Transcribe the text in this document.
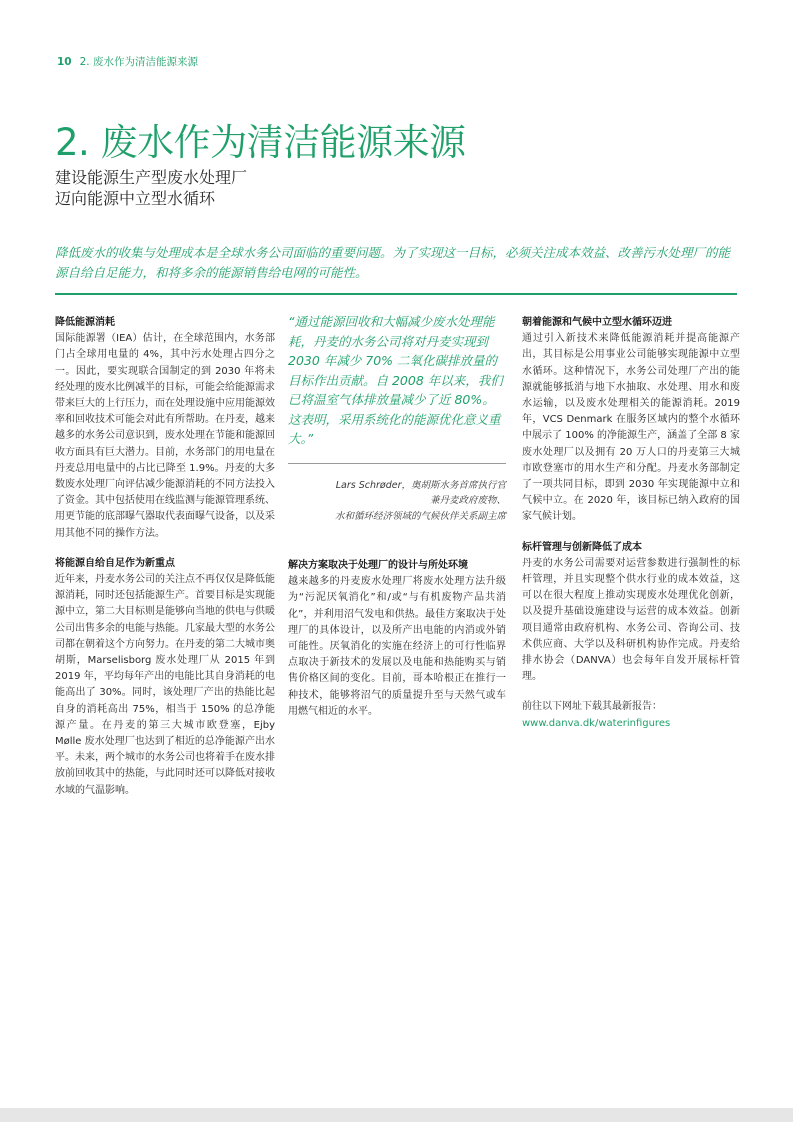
10 2. 废水作为清洁能源来源
2. 废水作为清洁能源来源
建设能源生产型废水处理厂
迈向能源中立型水循环
降低废水的收集与处理成本是全球水务公司面临的重要问题。为了实现这一目标，必须关注成本效益、改善污水处理厂的能源自给自足能力，和将多余的能源销售给电网的可能性。

降低能源消耗

国际能源署（IEA）估计，在全球范围内，水务部门占全球用电量的 4%，其中污水处理占四分之一。因此，要实现联合国制定的到 2030 年将未经处理的废水比例减半的目标，可能会给能源需求带来巨大的上行压力，而在处理设施中应用能源效率和回收技术可能会对此有所帮助。在丹麦，越来越多的水务公司意识到，废水处理在节能和能源回收方面具有巨大潜力。目前，水务部门的用电量在丹麦总用电量中的占比已降至 1.9%。丹麦的大多数废水处理厂向评估减少能源消耗的不同方法投入了资金。其中包括使用在线监测与能源管理系统、用更节能的底部曝气器取代表面曝气设备，以及采用其他不同的操作方法。

将能源自给自足作为新重点

近年来，丹麦水务公司的关注点不再仅仅是降低能源消耗，同时还包括能源生产。首要目标是实现能源中立，第二大目标则是能够向当地的供电与供暖公司出售多余的电能与热能。几家最大型的水务公司都在朝着这个方向努力。在丹麦的第二大城市奥胡斯，Marselisborg 废水处理厂从 2015 年到 2019 年，平均每年产出的电能比其自身消耗的电能高出了 30%。同时，该处理厂产出的热能比起自身的消耗高出 75%，相当于 150% 的总净能源产量。在丹麦的第三大城市欧登塞，Ejby Mølle 废水处理厂也达到了相近的总净能源产出水平。未来，两个城市的水务公司也将着手在废水排放前回收其中的热能，与此同时还可以降低对接收水域的气温影响。

“通过能源回收和大幅减少废水处理能耗，丹麦的水务公司将对丹麦实现到 2030 年减少 70% 二氧化碳排放量的目标作出贡献。自 2008 年以来，我们已将温室气体排放量减少了近 80%。这表明，采用系统化的能源优化意义重大。”

Lars Schrøder，奥胡斯水务首席执行官
兼丹麦政府废物、
水和循环经济领域的气候伙伴关系副主席

解决方案取决于处理厂的设计与所处环境

越来越多的丹麦废水处理厂将废水处理方法升级为“污泥厌氧消化”和/或“与有机废物产品共消化”，并利用沼气发电和供热。最佳方案取决于处理厂的具体设计，以及所产出电能的内消或外销可能性。厌氧消化的实施在经济上的可行性临界点取决于新技术的发展以及电能和热能购买与销售价格区间的变化。目前，哥本哈根正在推行一种技术，能够将沼气的质量提升至与天然气或车用燃气相近的水平。

朝着能源和气候中立型水循环迈进

通过引入新技术来降低能源消耗并提高能源产出，其目标是公用事业公司能够实现能源中立型水循环。这种情况下，水务公司处理厂产出的能源就能够抵消与地下水抽取、水处理、用水和废水运输，以及废水处理相关的能源消耗。2019 年，VCS Denmark 在服务区域内的整个水循环中展示了 100% 的净能源生产，涵盖了全部 8 家废水处理厂以及拥有 20 万人口的丹麦第三大城市欧登塞市的用水生产和分配。丹麦水务部制定了一项共同目标，即到 2030 年实现能源中立和气候中立。在 2020 年，该目标已纳入政府的国家气候计划。

标杆管理与创新降低了成本

丹麦的水务公司需要对运营参数进行强制性的标杆管理，并且实现整个供水行业的成本效益，这可以在很大程度上推动实现废水处理优化创新，以及提升基础设施建设与运营的成本效益。创新项目通常由政府机构、水务公司、咨询公司、技术供应商、大学以及科研机构协作完成。丹麦给排水协会（DANVA）也会每年自发开展标杆管理。

前往以下网址下载其最新报告：
www.danva.dk/waterinfigures
